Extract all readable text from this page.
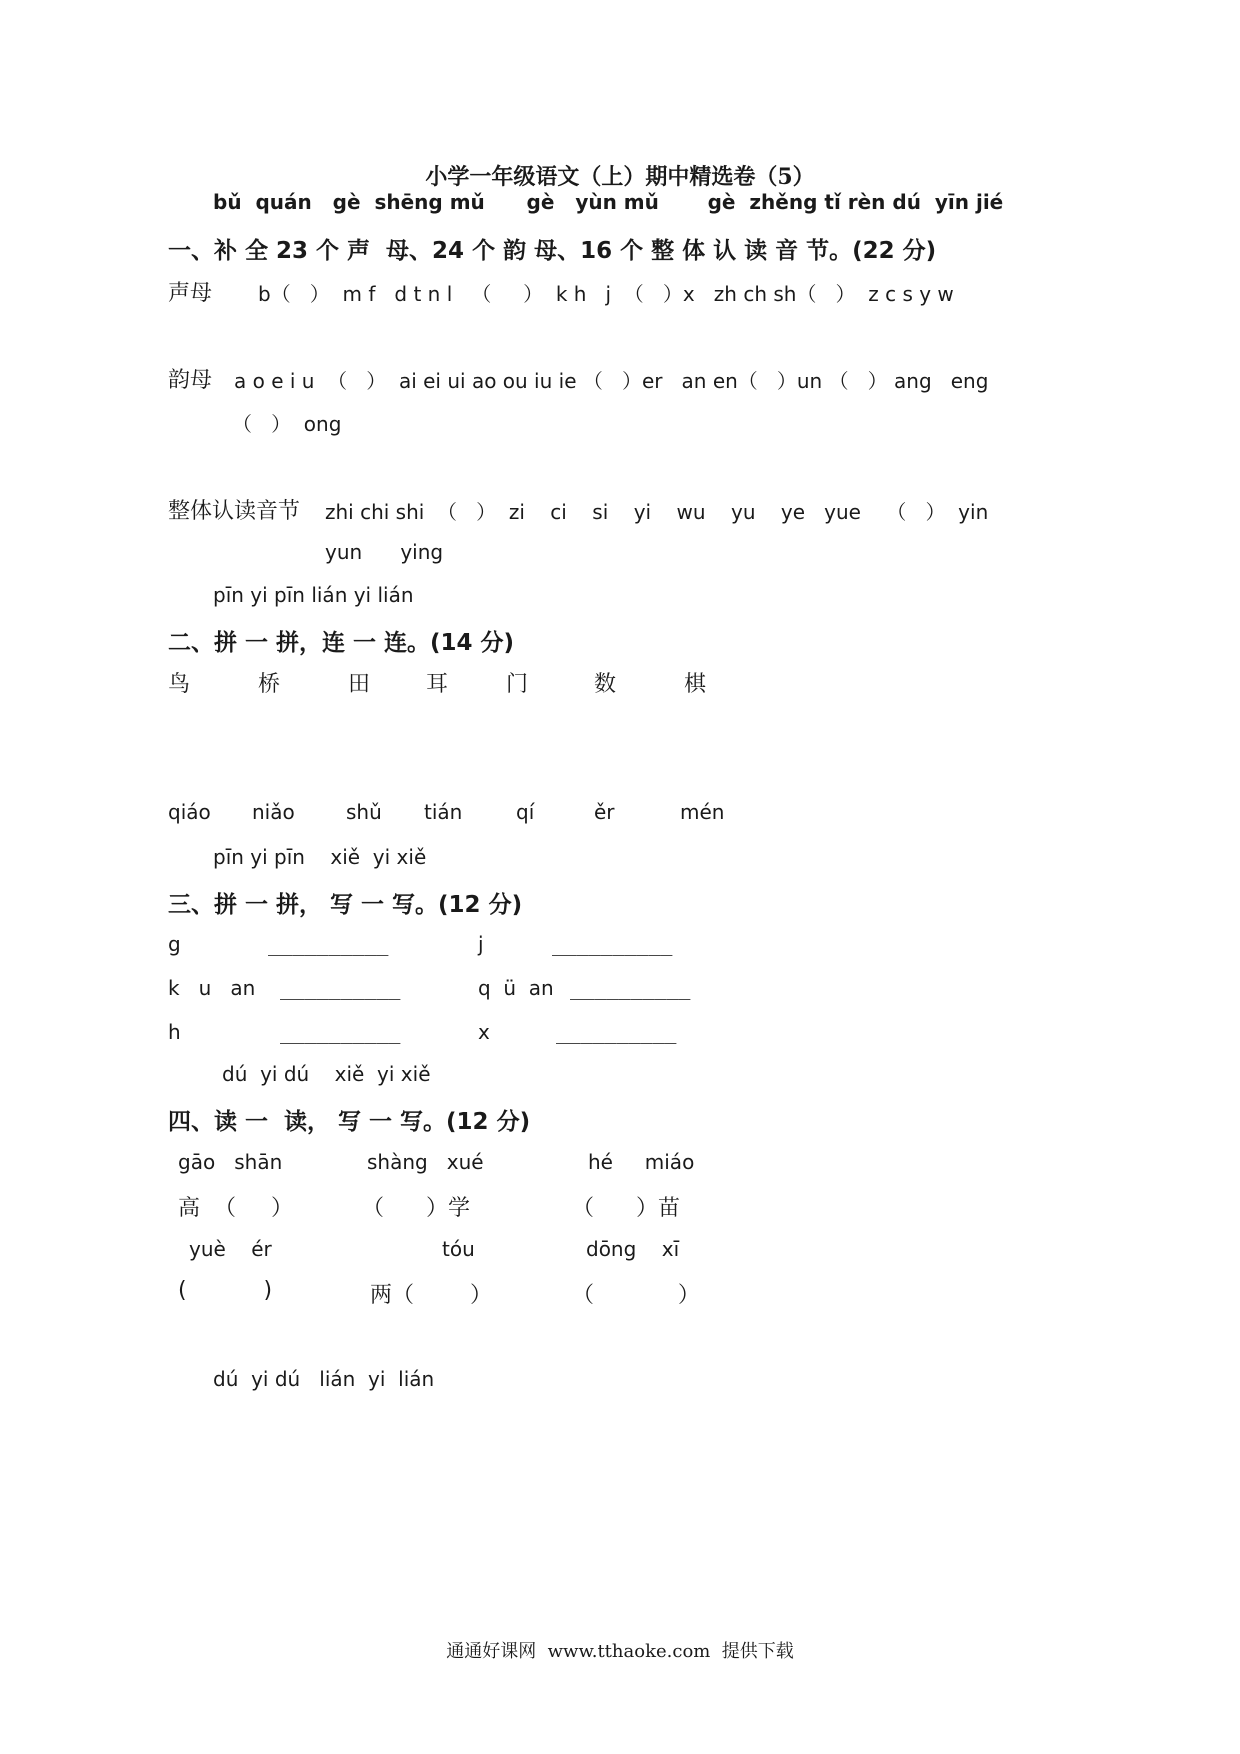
小学一年级语文（上）期中精选卷（5）
bǔ  quán   gè  shēng mǔ      gè   yùn mǔ       gè  zhěng tǐ rèn dú  yīn jié
一、补 全 23 个 声  母、24 个 韵 母、16 个 整 体 认 读 音 节。(22 分)
声母 b（   ）  m f   d t n l   （     ）  k h   j  （   ）x   zh ch sh（   ）  z c s y w
韵母 a o e i u  （   ）  ai ei ui ao ou iu ie （   ）er   an en（   ）un （   ） ang   eng
（   ）  ong
整体认读音节 zhi chi shi  （   ）  zi    ci    si    yi    wu    yu    ye   yue    （   ）  yin
yun      ying
pīn yi pīn lián yi lián
二、拼 一 拼，连 一 连。(14 分)
鸟	桥	田	耳	门	数	棋
qiáo niǎo	shǔ tián	qí	ěr	mén
pīn yi pīn    xiě  yi xiě
三、拼 一 拼， 写 一 写。(12 分)
g	__________	j	__________
k   u   an __________	q  ü  an __________
h	__________	x	__________
dú  yi dú    xiě  yi xiě
四、读 一  读， 写 一 写。(12 分)
gāo   shān	shàng   xué	hé     miáo
高  （     ）	（      ）学	（      ）苗
yuè    ér	tóu	dōng    xī
(           )	两（        ）	（            ）
dú  yi dú   lián  yi  lián
通通好课网  www.tthaoke.com  提供下载
